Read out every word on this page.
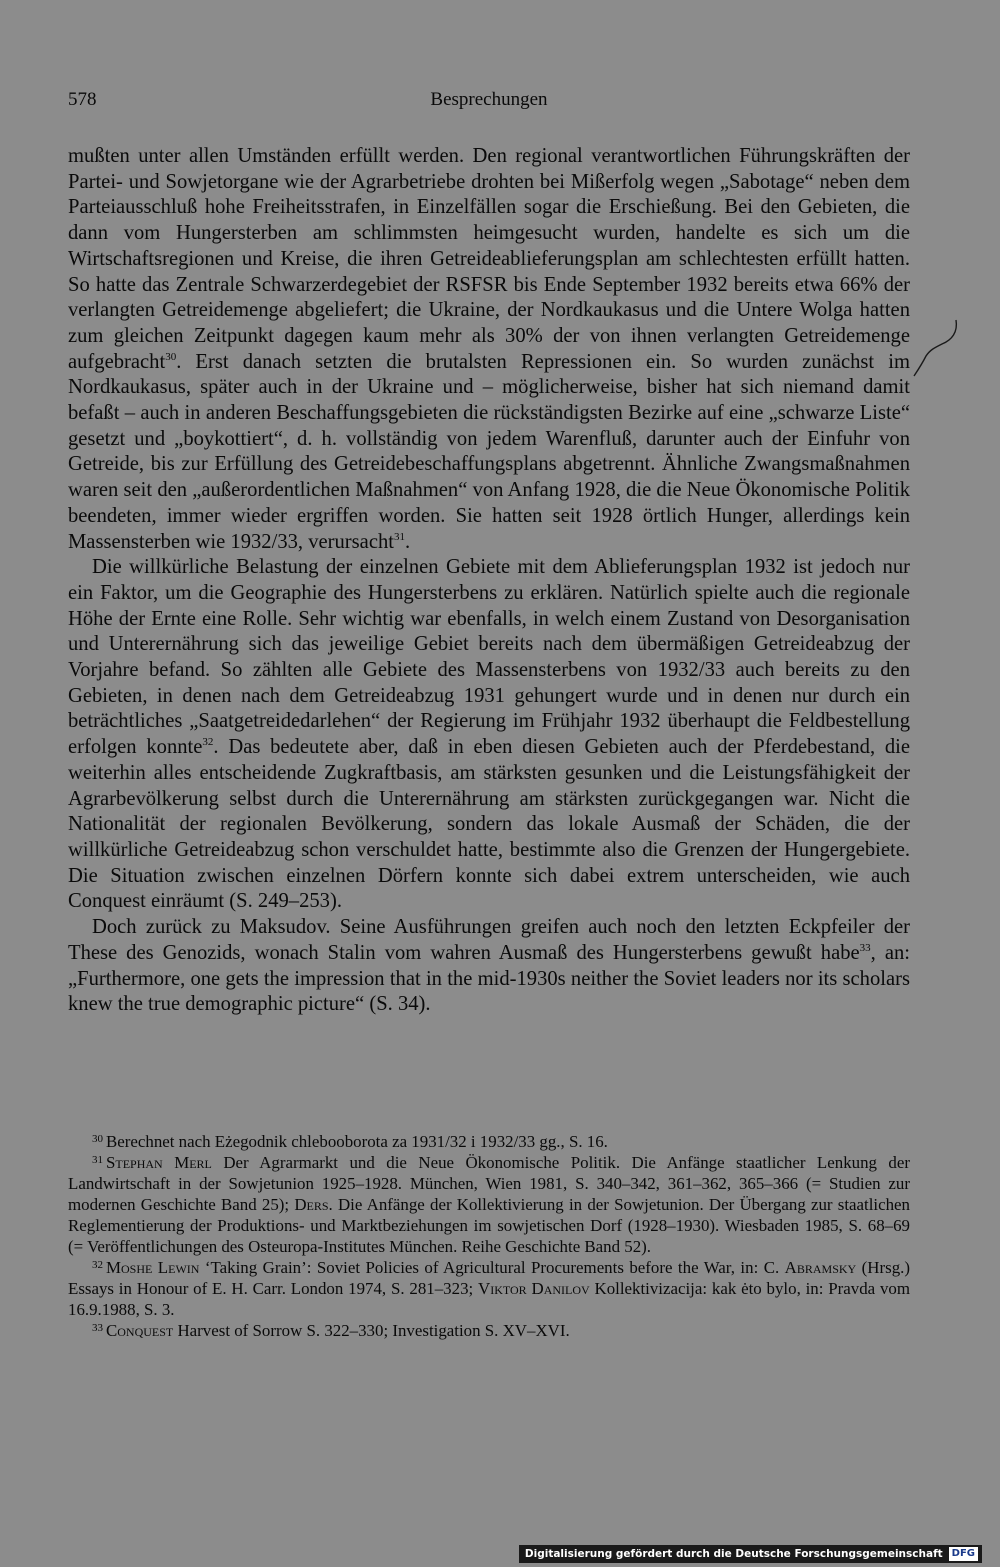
578	Besprechungen

mußten unter allen Umständen erfüllt werden. Den regional verantwortlichen Führungskräften der Partei- und Sowjetorgane wie der Agrarbetriebe drohten bei Mißerfolg wegen „Sabotage“ neben dem Parteiausschluß hohe Freiheitsstrafen, in Einzelfällen sogar die Erschießung. Bei den Gebieten, die dann vom Hungersterben am schlimmsten heimgesucht wurden, handelte es sich um die Wirtschaftsregionen und Kreise, die ihren Getreideablieferungsplan am schlechtesten erfüllt hatten. So hatte das Zentrale Schwarzerdegebiet der RSFSR bis Ende September 1932 bereits etwa 66% der verlangten Getreidemenge abgeliefert; die Ukraine, der Nordkaukasus und die Untere Wolga hatten zum gleichen Zeitpunkt dagegen kaum mehr als 30% der von ihnen verlangten Getreidemenge aufgebracht$^{30}$. Erst danach setzten die brutalsten Repressionen ein. So wurden zunächst im Nordkaukasus, später auch in der Ukraine und – möglicherweise, bisher hat sich niemand damit befaßt – auch in anderen Beschaffungsgebieten die rückständigsten Bezirke auf eine „schwarze Liste“ gesetzt und „boykottiert“, d. h. vollständig von jedem Warenfluß, darunter auch der Einfuhr von Getreide, bis zur Erfüllung des Getreidebeschaffungsplans abgetrennt. Ähnliche Zwangsmaßnahmen waren seit den „außerordentlichen Maßnahmen“ von Anfang 1928, die die Neue Ökonomische Politik beendeten, immer wieder ergriffen worden. Sie hatten seit 1928 örtlich Hunger, allerdings kein Massensterben wie 1932/33, verursacht$^{31}$.

Die willkürliche Belastung der einzelnen Gebiete mit dem Ablieferungsplan 1932 ist jedoch nur ein Faktor, um die Geographie des Hungersterbens zu erklären. Natürlich spielte auch die regionale Höhe der Ernte eine Rolle. Sehr wichtig war ebenfalls, in welch einem Zustand von Desorganisation und Unterernährung sich das jeweilige Gebiet bereits nach dem übermäßigen Getreideabzug der Vorjahre befand. So zählten alle Gebiete des Massensterbens von 1932/33 auch bereits zu den Gebieten, in denen nach dem Getreideabzug 1931 gehungert wurde und in denen nur durch ein beträchtliches „Saatgetreidedarlehen“ der Regierung im Frühjahr 1932 überhaupt die Feldbestellung erfolgen konnte$^{32}$. Das bedeutete aber, daß in eben diesen Gebieten auch der Pferdebestand, die weiterhin alles entscheidende Zugkraftbasis, am stärksten gesunken und die Leistungsfähigkeit der Agrarbevölkerung selbst durch die Unterernährung am stärksten zurückgegangen war. Nicht die Nationalität der regionalen Bevölkerung, sondern das lokale Ausmaß der Schäden, die der willkürliche Getreideabzug schon verschuldet hatte, bestimmte also die Grenzen der Hungergebiete. Die Situation zwischen einzelnen Dörfern konnte sich dabei extrem unterscheiden, wie auch Conquest einräumt (S. 249–253).

Doch zurück zu Maksudov. Seine Ausführungen greifen auch noch den letzten Eckpfeiler der These des Genozids, wonach Stalin vom wahren Ausmaß des Hungersterbens gewußt habe$^{33}$, an: „Furthermore, one gets the impression that in the mid-1930s neither the Soviet leaders nor its scholars knew the true demographic picture“ (S. 34).

$^{30}$ Berechnet nach Eżegodnik chlebooborota za 1931/32 i 1932/33 gg., S. 16.

$^{31}$ Stephan Merl Der Agrarmarkt und die Neue Ökonomische Politik. Die Anfänge staatlicher Lenkung der Landwirtschaft in der Sowjetunion 1925–1928. München, Wien 1981, S. 340–342, 361–362, 365–366 (= Studien zur modernen Geschichte Band 25); Ders. Die Anfänge der Kollektivierung in der Sowjetunion. Der Übergang zur staatlichen Reglementierung der Produktions- und Marktbeziehungen im sowjetischen Dorf (1928–1930). Wiesbaden 1985, S. 68–69 (= Veröffentlichungen des Osteuropa-Institutes München. Reihe Geschichte Band 52).

$^{32}$ Moshe Lewin ‘Taking Grain’: Soviet Policies of Agricultural Procurements before the War, in: C. Abramsky (Hrsg.) Essays in Honour of E. H. Carr. London 1974, S. 281–323; Viktor Danilov Kollektivizacija: kak ėto bylo, in: Pravda vom 16.9.1988, S. 3.

$^{33}$ Conquest Harvest of Sorrow S. 322–330; Investigation S. XV–XVI.

Digitalisierung gefördert durch die Deutsche Forschungsgemeinschaft DFG
